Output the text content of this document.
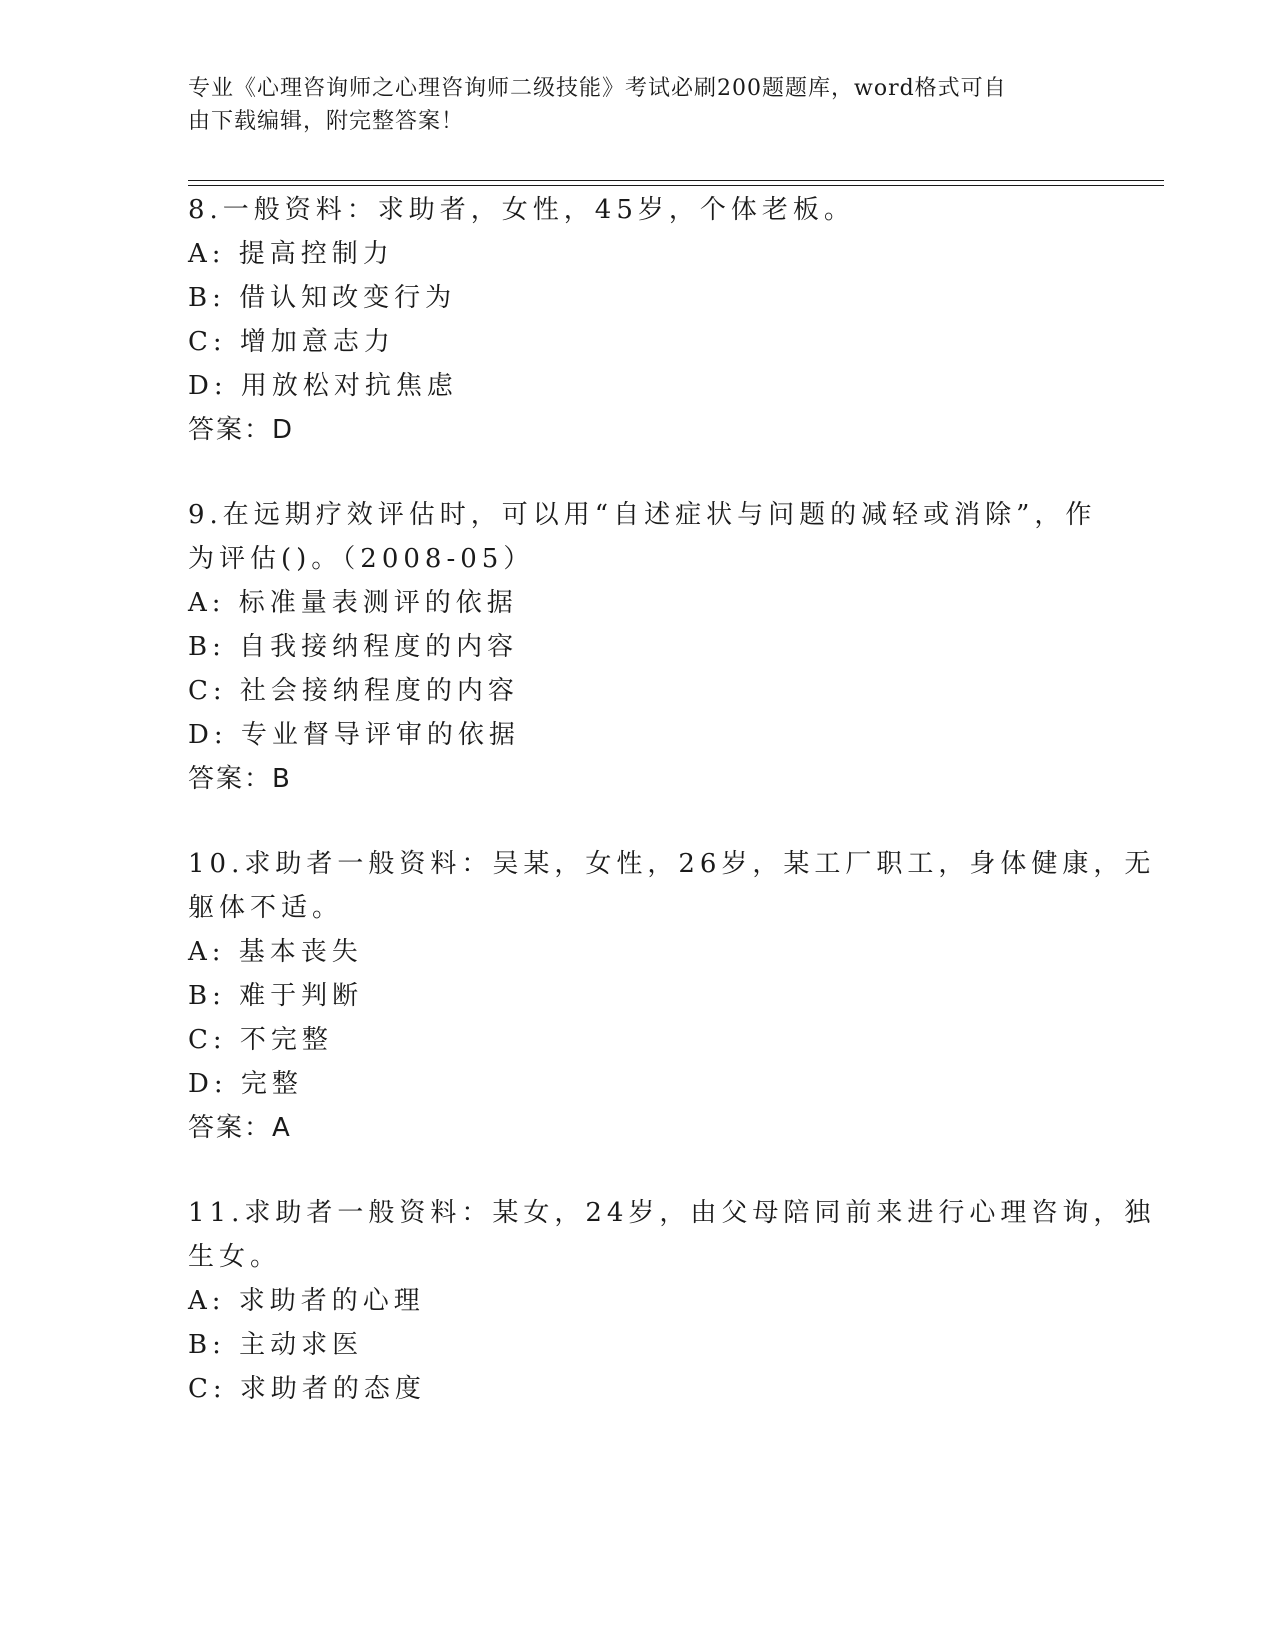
专业《心理咨询师之心理咨询师二级技能》考试必刷200题题库，word格式可自
由下载编辑，附完整答案！
8.一般资料：求助者，女性，45岁，个体老板。
A: 提高控制力
B: 借认知改变行为
C: 增加意志力
D: 用放松对抗焦虑
答案：D
9.在远期疗效评估时，可以用“自述症状与问题的减轻或消除”，作
为评估()。（2008-05）
A: 标准量表测评的依据
B: 自我接纳程度的内容
C: 社会接纳程度的内容
D: 专业督导评审的依据
答案：B
10.求助者一般资料：吴某，女性，26岁，某工厂职工，身体健康，无
躯体不适。
A: 基本丧失
B: 难于判断
C: 不完整
D: 完整
答案：A
11.求助者一般资料：某女，24岁，由父母陪同前来进行心理咨询，独
生女。
A: 求助者的心理
B: 主动求医
C: 求助者的态度
